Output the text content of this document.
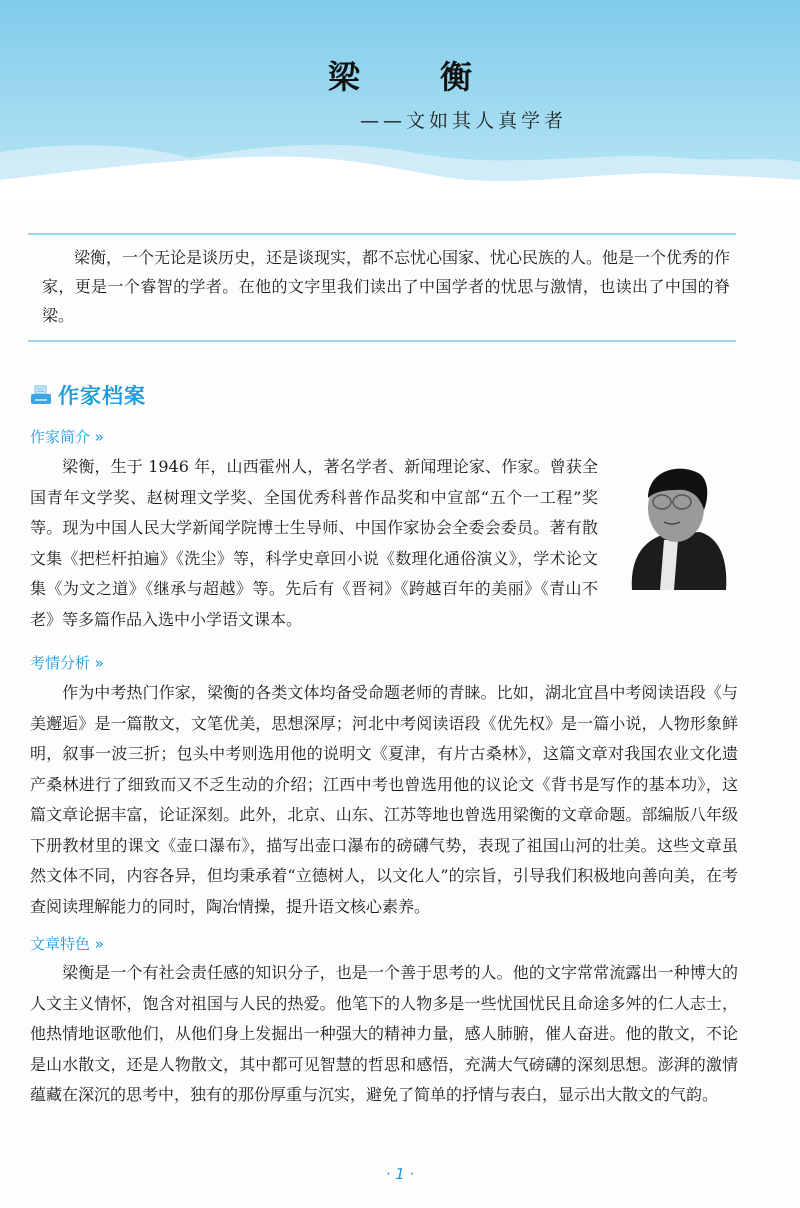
梁　衡
——文如其人真学者

梁衡，一个无论是谈历史，还是谈现实，都不忘忧心国家、忧心民族的人。他是一个优秀的作家，更是一个睿智的学者。在他的文字里我们读出了中国学者的忧思与激情，也读出了中国的脊梁。

作家档案
作家简介 »

梁衡，生于 1946 年，山西霍州人，著名学者、新闻理论家、作家。曾获全国青年文学奖、赵树理文学奖、全国优秀科普作品奖和中宣部“五个一工程”奖等。现为中国人民大学新闻学院博士生导师、中国作家协会全委会委员。著有散文集《把栏杆拍遍》《洗尘》等，科学史章回小说《数理化通俗演义》，学术论文集《为文之道》《继承与超越》等。先后有《晋祠》《跨越百年的美丽》《青山不老》等多篇作品入选中小学语文课本。

考情分析 »

作为中考热门作家，梁衡的各类文体均备受命题老师的青睐。比如，湖北宜昌中考阅读语段《与美邂逅》是一篇散文，文笔优美，思想深厚；河北中考阅读语段《优先权》是一篇小说，人物形象鲜明，叙事一波三折；包头中考则选用他的说明文《夏津，有片古桑林》，这篇文章对我国农业文化遗产桑林进行了细致而又不乏生动的介绍；江西中考也曾选用他的议论文《背书是写作的基本功》，这篇文章论据丰富，论证深刻。此外，北京、山东、江苏等地也曾选用梁衡的文章命题。部编版八年级下册教材里的课文《壶口瀑布》，描写出壶口瀑布的磅礴气势，表现了祖国山河的壮美。这些文章虽然文体不同，内容各异，但均秉承着“立德树人，以文化人”的宗旨，引导我们积极地向善向美，在考查阅读理解能力的同时，陶冶情操，提升语文核心素养。

文章特色 »

梁衡是一个有社会责任感的知识分子，也是一个善于思考的人。他的文字常常流露出一种博大的人文主义情怀，饱含对祖国与人民的热爱。他笔下的人物多是一些忧国忧民且命途多舛的仁人志士，他热情地讴歌他们，从他们身上发掘出一种强大的精神力量，感人肺腑，催人奋进。他的散文，不论是山水散文，还是人物散文，其中都可见智慧的哲思和感悟，充满大气磅礴的深刻思想。澎湃的激情蕴藏在深沉的思考中，独有的那份厚重与沉实，避免了简单的抒情与表白，显示出大散文的气韵。

· 1 ·
